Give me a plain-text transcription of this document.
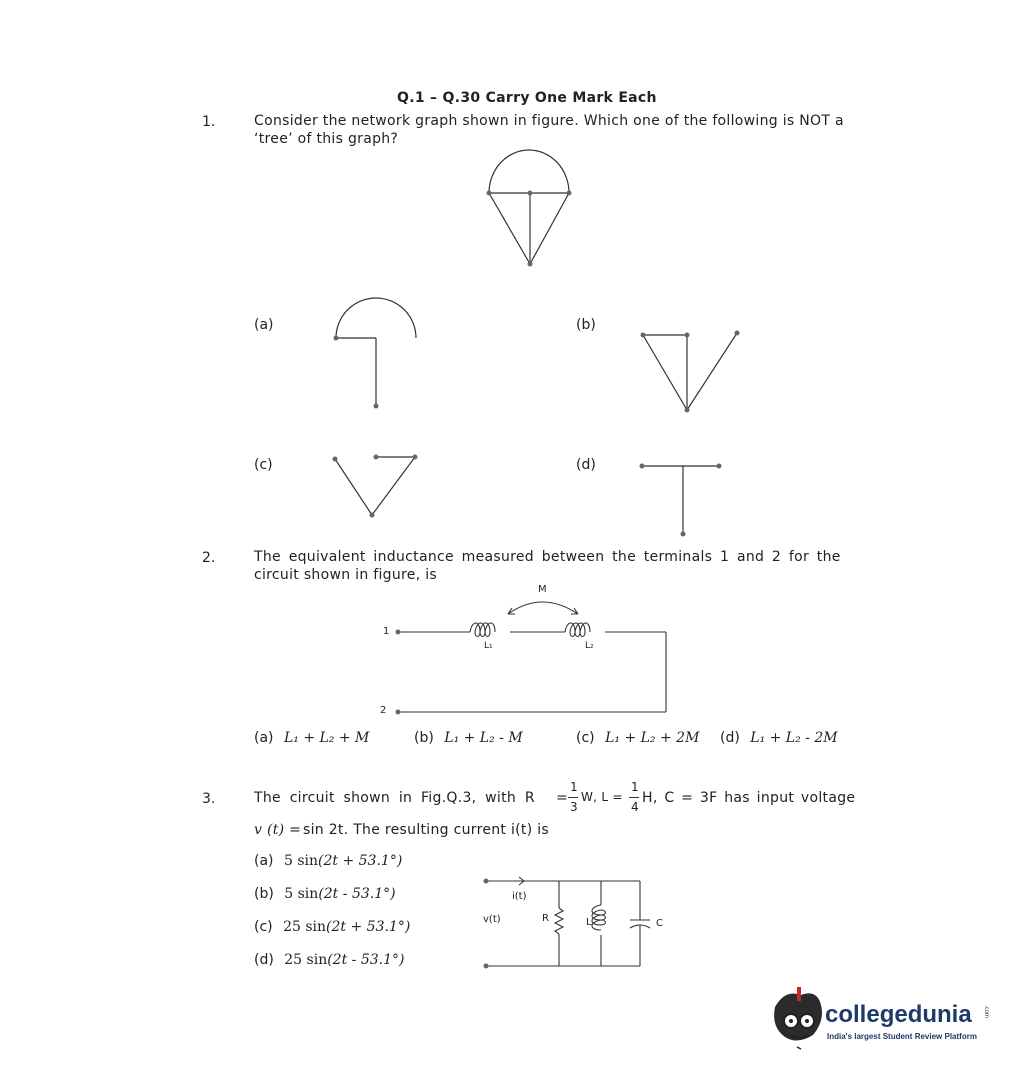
Q.1 – Q.30 Carry One Mark Each
1.	Consider the network graph shown in figure. Which one of the following is NOT a
‘tree’ of this graph?
(a)	(b)
(c)	(d)
2.	The equivalent inductance measured between the terminals 1 and 2 for the
circuit shown in figure, is
M
1
2
L₁	L₂
(a) L₁ + L₂ + M	(b) L₁ + L₂ - M	(c) L₁ + L₂ + 2M (d) L₁ + L₂ - 2M
3.	The circuit shown in Fig.Q.3, with R =
1
3
W, L =
1
4
H, C = 3F has input voltage
v (t) = sin 2t. The resulting current i(t) is
(a) 5 sin(2t + 53.1°)
(b) 5 sin(2t - 53.1°)
(c) 25 sin(2t + 53.1°)
(d) 25 sin(2t - 53.1°)
i(t)
v(t)	R	L	C
collegedunia .com
India's largest Student Review Platform
